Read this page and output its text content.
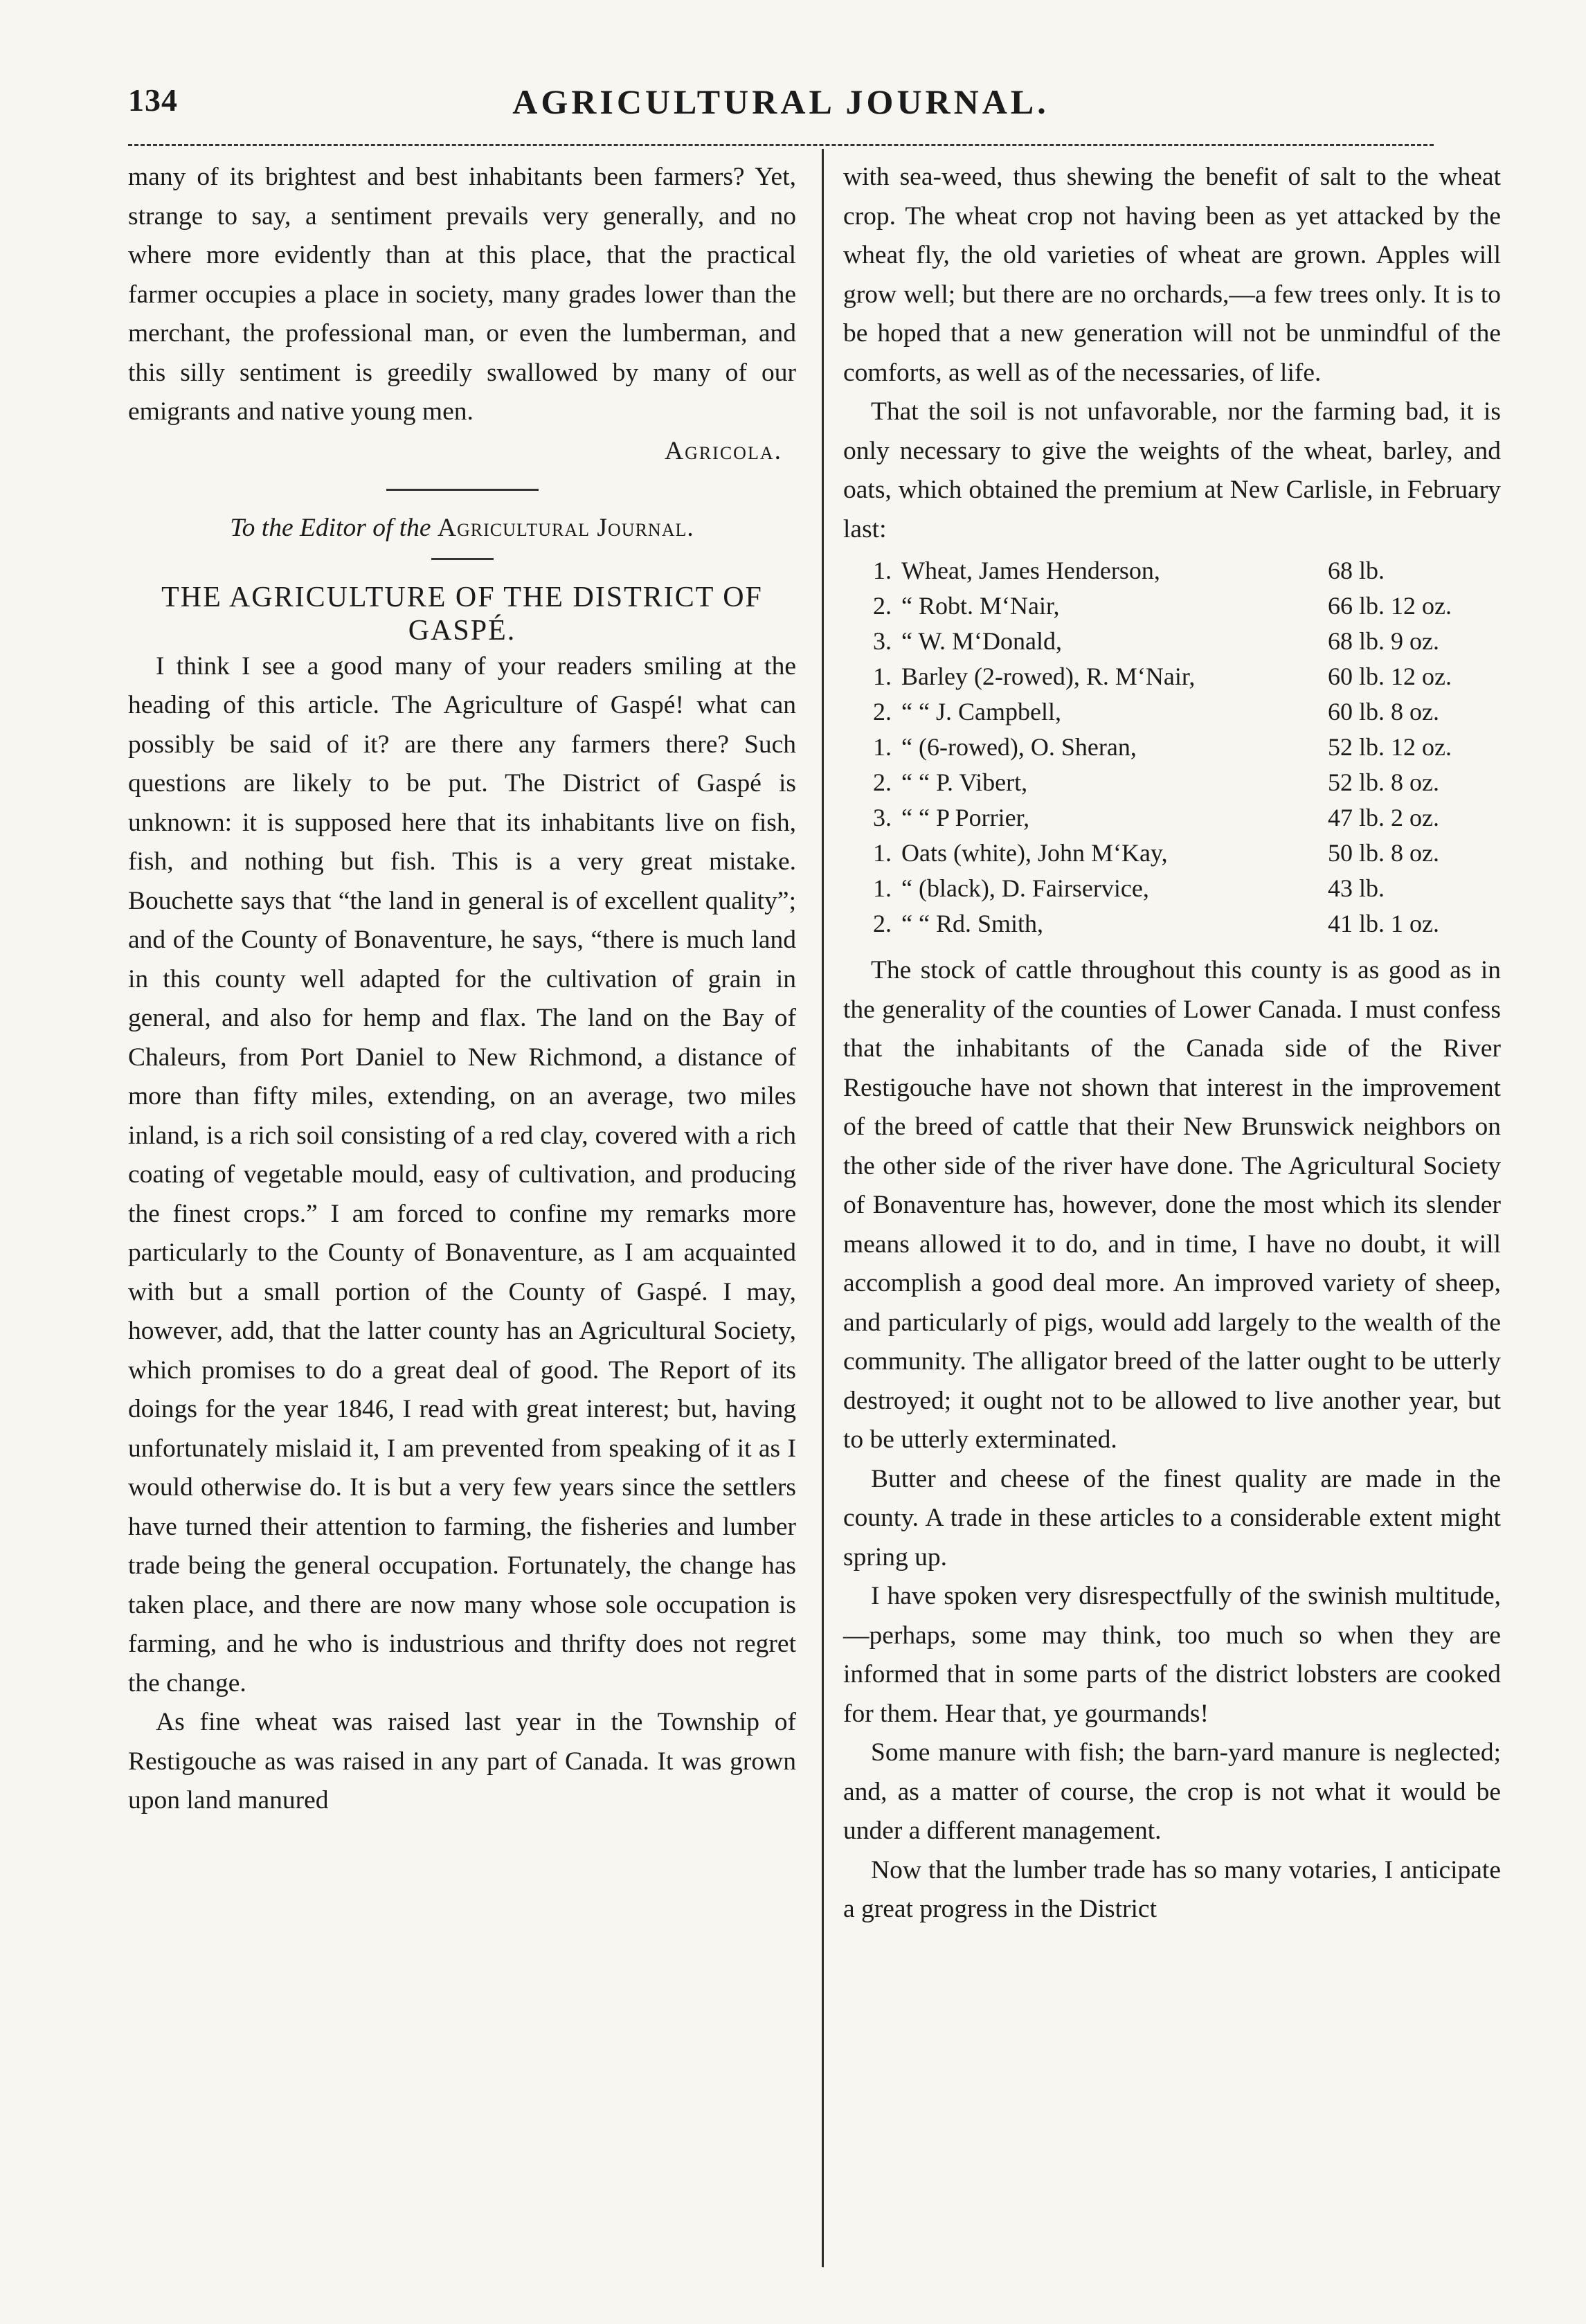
134	AGRICULTURAL JOURNAL.

many of its brightest and best inhabitants been farmers? Yet, strange to say, a sentiment prevails very generally, and no where more evidently than at this place, that the practical farmer occupies a place in society, many grades lower than the merchant, the professional man, or even the lumberman, and this silly sentiment is greedily swallowed by many of our emigrants and native young men.

Agricola.

To the Editor of the Agricultural Journal.

THE AGRICULTURE OF THE DISTRICT OF GASPÉ.

I think I see a good many of your readers smiling at the heading of this article. The Agriculture of Gaspé! what can possibly be said of it? are there any farmers there? Such questions are likely to be put. The District of Gaspé is unknown: it is supposed here that its inhabitants live on fish, fish, and nothing but fish. This is a very great mistake. Bouchette says that “the land in general is of excellent quality”; and of the County of Bonaventure, he says, “there is much land in this county well adapted for the cultivation of grain in general, and also for hemp and flax. The land on the Bay of Chaleurs, from Port Daniel to New Richmond, a distance of more than fifty miles, extending, on an average, two miles inland, is a rich soil consisting of a red clay, covered with a rich coating of vegetable mould, easy of cultivation, and producing the finest crops.” I am forced to confine my remarks more particularly to the County of Bonaventure, as I am acquainted with but a small portion of the County of Gaspé. I may, however, add, that the latter county has an Agricultural Society, which promises to do a great deal of good. The Report of its doings for the year 1846, I read with great interest; but, having unfortunately mislaid it, I am prevented from speaking of it as I would otherwise do. It is but a very few years since the settlers have turned their attention to farming, the fisheries and lumber trade being the general occupation. Fortunately, the change has taken place, and there are now many whose sole occupation is farming, and he who is industrious and thrifty does not regret the change.

As fine wheat was raised last year in the Township of Restigouche as was raised in any part of Canada. It was grown upon land manured

with sea-weed, thus shewing the benefit of salt to the wheat crop. The wheat crop not having been as yet attacked by the wheat fly, the old varieties of wheat are grown. Apples will grow well; but there are no orchards,—a few trees only. It is to be hoped that a new generation will not be unmindful of the comforts, as well as of the necessaries, of life.

That the soil is not unfavorable, nor the farming bad, it is only necessary to give the weights of the wheat, barley, and oats, which obtained the premium at New Carlisle, in February last:

1. Wheat, James Henderson,	68 lb.
2. “ Robt. M‘Nair,	66 lb. 12 oz.
3. “ W. M‘Donald,	68 lb. 9 oz.
1. Barley (2-rowed), R. M‘Nair,	60 lb. 12 oz.
2. “ “ J. Campbell,	60 lb. 8 oz.
1. “ (6-rowed), O. Sheran,	52 lb. 12 oz.
2. “ “ P. Vibert,	52 lb. 8 oz.
3. “ “ P Porrier,	47 lb. 2 oz.
1. Oats (white), John M‘Kay,	50 lb. 8 oz.
1. “ (black), D. Fairservice,	43 lb.
2. “ “ Rd. Smith,	41 lb. 1 oz.

The stock of cattle throughout this county is as good as in the generality of the counties of Lower Canada. I must confess that the inhabitants of the Canada side of the River Restigouche have not shown that interest in the improvement of the breed of cattle that their New Brunswick neighbors on the other side of the river have done. The Agricultural Society of Bonaventure has, however, done the most which its slender means allowed it to do, and in time, I have no doubt, it will accomplish a good deal more. An improved variety of sheep, and particularly of pigs, would add largely to the wealth of the community. The alligator breed of the latter ought to be utterly destroyed; it ought not to be allowed to live another year, but to be utterly exterminated.

Butter and cheese of the finest quality are made in the county. A trade in these articles to a considerable extent might spring up.

I have spoken very disrespectfully of the swinish multitude,—perhaps, some may think, too much so when they are informed that in some parts of the district lobsters are cooked for them. Hear that, ye gourmands!

Some manure with fish; the barn-yard manure is neglected; and, as a matter of course, the crop is not what it would be under a different management.

Now that the lumber trade has so many votaries, I anticipate a great progress in the District
